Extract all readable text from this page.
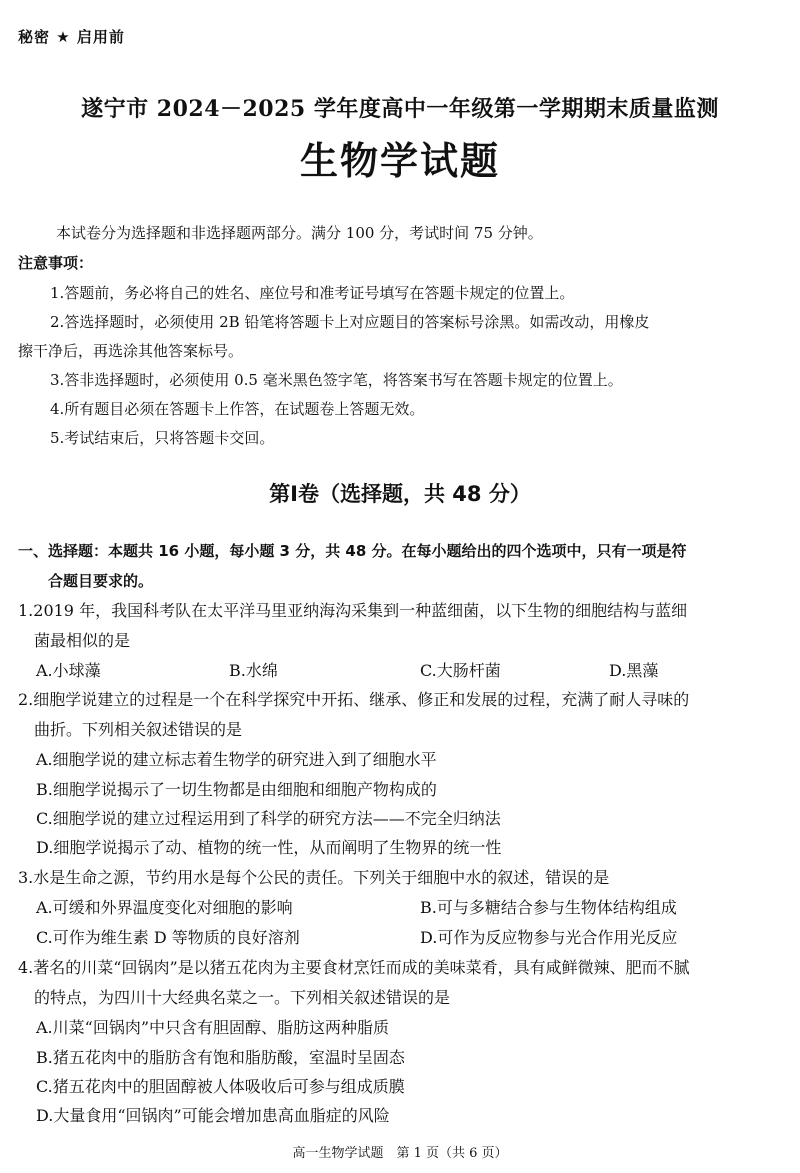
秘密 ★ 启用前
遂宁市 2024－2025 学年度高中一年级第一学期期末质量监测
生物学试题
本试卷分为选择题和非选择题两部分。满分 100 分，考试时间 75 分钟。
注意事项：
1.答题前，务必将自己的姓名、座位号和准考证号填写在答题卡规定的位置上。
2.答选择题时，必须使用 2B 铅笔将答题卡上对应题目的答案标号涂黑。如需改动，用橡皮
擦干净后，再选涂其他答案标号。
3.答非选择题时，必须使用 0.5 毫米黑色签字笔，将答案书写在答题卡规定的位置上。
4.所有题目必须在答题卡上作答，在试题卷上答题无效。
5.考试结束后，只将答题卡交回。
第Ⅰ卷（选择题，共 48 分）
一、选择题：本题共 16 小题，每小题 3 分，共 48 分。在每小题给出的四个选项中，只有一项是符
合题目要求的。
1.2019 年，我国科考队在太平洋马里亚纳海沟采集到一种蓝细菌，以下生物的细胞结构与蓝细
菌最相似的是
A.小球藻	B.水绵	C.大肠杆菌	D.黑藻
2.细胞学说建立的过程是一个在科学探究中开拓、继承、修正和发展的过程，充满了耐人寻味的
曲折。下列相关叙述错误的是
A.细胞学说的建立标志着生物学的研究进入到了细胞水平
B.细胞学说揭示了一切生物都是由细胞和细胞产物构成的
C.细胞学说的建立过程运用到了科学的研究方法——不完全归纳法
D.细胞学说揭示了动、植物的统一性，从而阐明了生物界的统一性
3.水是生命之源，节约用水是每个公民的责任。下列关于细胞中水的叙述，错误的是
A.可缓和外界温度变化对细胞的影响	B.可与多糖结合参与生物体结构组成
C.可作为维生素 D 等物质的良好溶剂	D.可作为反应物参与光合作用光反应
4.著名的川菜“回锅肉”是以猪五花肉为主要食材烹饪而成的美味菜肴，具有咸鲜微辣、肥而不腻
的特点，为四川十大经典名菜之一。下列相关叙述错误的是
A.川菜“回锅肉”中只含有胆固醇、脂肪这两种脂质
B.猪五花肉中的脂肪含有饱和脂肪酸，室温时呈固态
C.猪五花肉中的胆固醇被人体吸收后可参与组成质膜
D.大量食用“回锅肉”可能会增加患高血脂症的风险
高一生物学试题　第 1 页（共 6 页）
